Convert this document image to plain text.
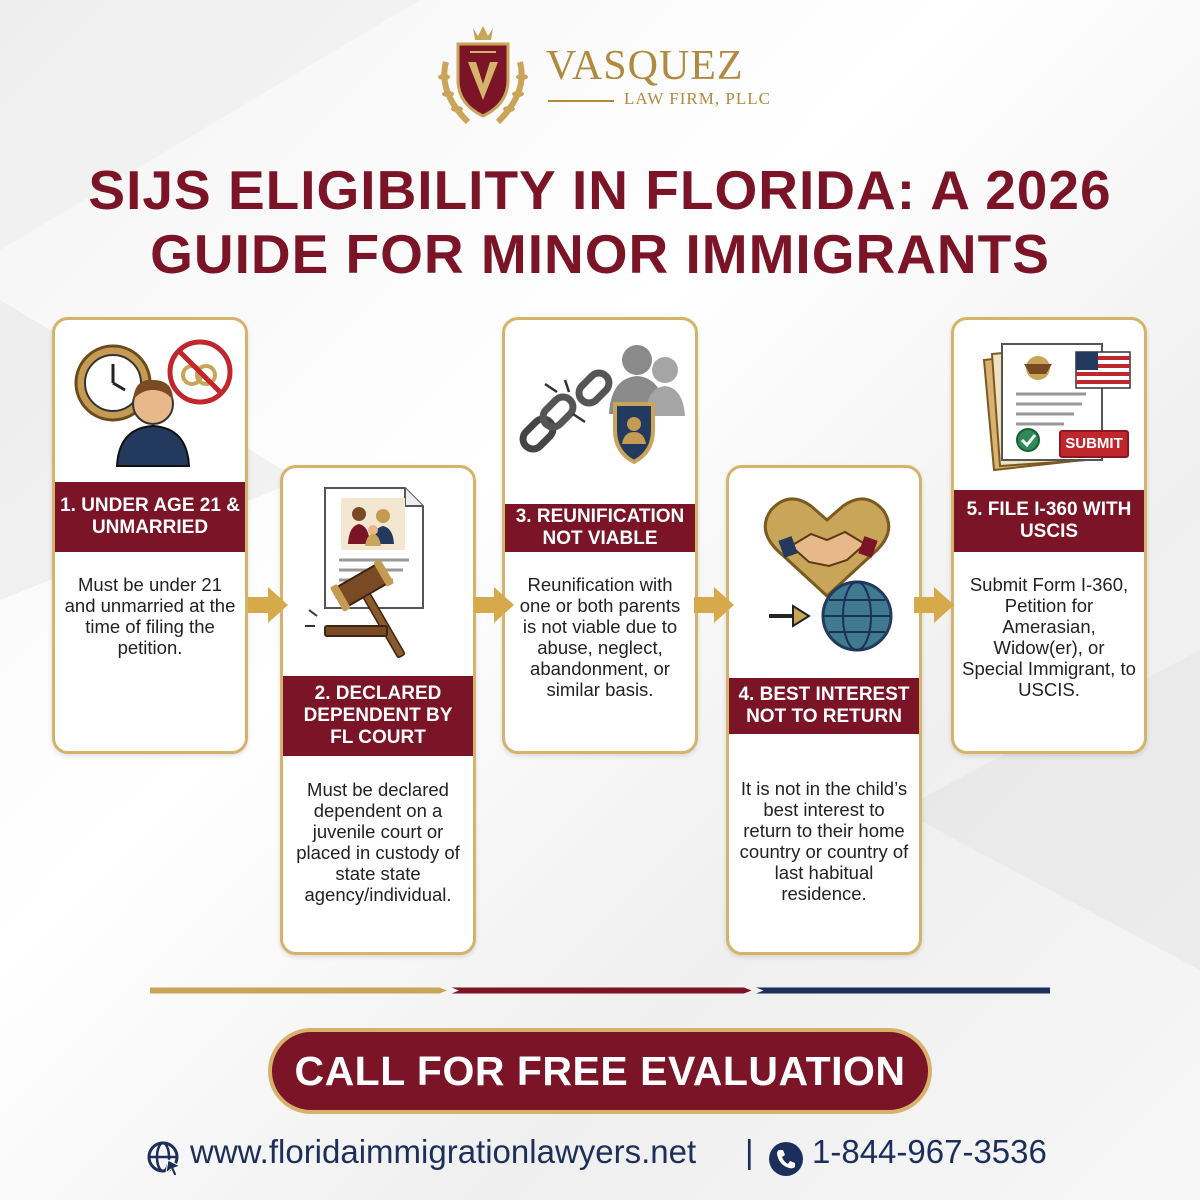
VASQUEZ
LAW FIRM, PLLC
SIJS ELIGIBILITY IN FLORIDA: A 2026
GUIDE FOR MINOR IMMIGRANTS
1. UNDER AGE 21 & UNMARRIED
Must be under 21 and unmarried at the time of filing the petition.
2. DECLARED DEPENDENT BY FL COURT
Must be declared dependent on a juvenile court or placed in custody of state state agency/individual.
3. REUNIFICATION NOT VIABLE
Reunification with one or both parents is not viable due to abuse, neglect, abandonment, or similar basis.	4. BEST INTEREST NOT TO RETURN
It is not in the child’s best interest to return to their home country or country of last habitual residence.
SUBMIT
5. FILE I-360 WITH USCIS
Submit Form I-360, Petition for Amerasian, Widow(er), or Special Immigrant, to USCIS.
CALL FOR FREE EVALUATION
www.floridaimmigrationlawyers.net | 1-844-967-3536
